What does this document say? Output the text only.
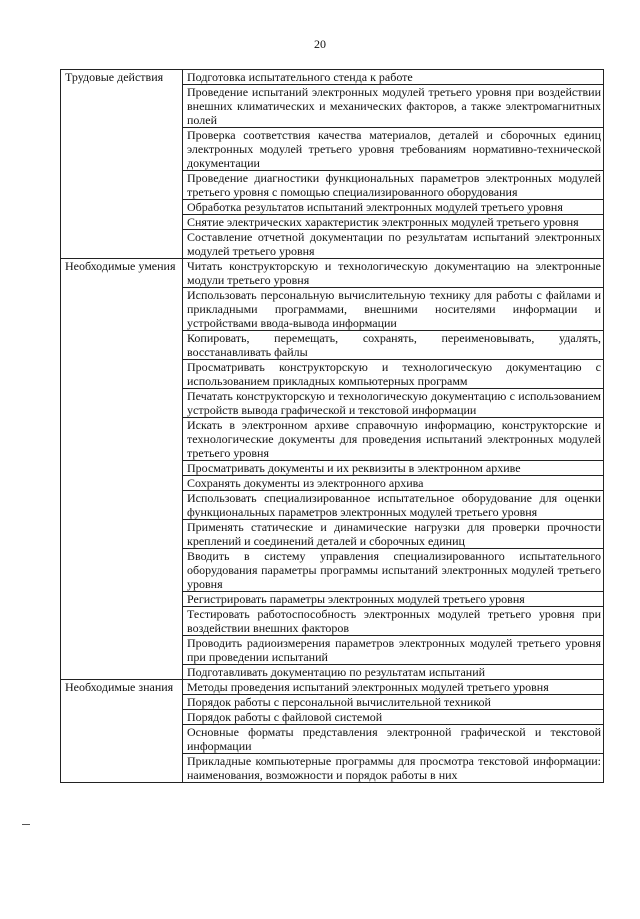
20
Трудовые действия	Подготовка испытательного стенда к работе
	Проведение испытаний электронных модулей третьего уровня при воздействии внешних климатических и механических факторов, а также электромагнитных полей
	Проверка соответствия качества материалов, деталей и сборочных единиц электронных модулей третьего уровня требованиям нормативно-технической документации
	Проведение диагностики функциональных параметров электронных модулей третьего уровня с помощью специализированного оборудования
	Обработка результатов испытаний электронных модулей третьего уровня
	Снятие электрических характеристик электронных модулей третьего уровня
	Составление отчетной документации по результатам испытаний электронных модулей третьего уровня
Необходимые умения	Читать конструкторскую и технологическую документацию на электронные модули третьего уровня
	Использовать персональную вычислительную технику для работы с файлами и прикладными программами, внешними носителями информации и устройствами ввода-вывода информации
	Копировать, перемещать, сохранять, переименовывать, удалять, восстанавливать файлы
	Просматривать конструкторскую и технологическую документацию с использованием прикладных компьютерных программ
	Печатать конструкторскую и технологическую документацию с использованием устройств вывода графической и текстовой информации
	Искать в электронном архиве справочную информацию, конструкторские и технологические документы для проведения испытаний электронных модулей третьего уровня
	Просматривать документы и их реквизиты в электронном архиве
	Сохранять документы из электронного архива
	Использовать специализированное испытательное оборудование для оценки функциональных параметров электронных модулей третьего уровня
	Применять статические и динамические нагрузки для проверки прочности креплений и соединений деталей и сборочных единиц
	Вводить в систему управления специализированного испытательного оборудования параметры программы испытаний электронных модулей третьего уровня
	Регистрировать параметры электронных модулей третьего уровня
	Тестировать работоспособность электронных модулей третьего уровня при воздействии внешних факторов
	Проводить радиоизмерения параметров электронных модулей третьего уровня при проведении испытаний
	Подготавливать документацию по результатам испытаний
Необходимые знания	Методы проведения испытаний электронных модулей третьего уровня
	Порядок работы с персональной вычислительной техникой
	Порядок работы с файловой системой
	Основные форматы представления электронной графической и текстовой информации
	Прикладные компьютерные программы для просмотра текстовой информации: наименования, возможности и порядок работы в них
